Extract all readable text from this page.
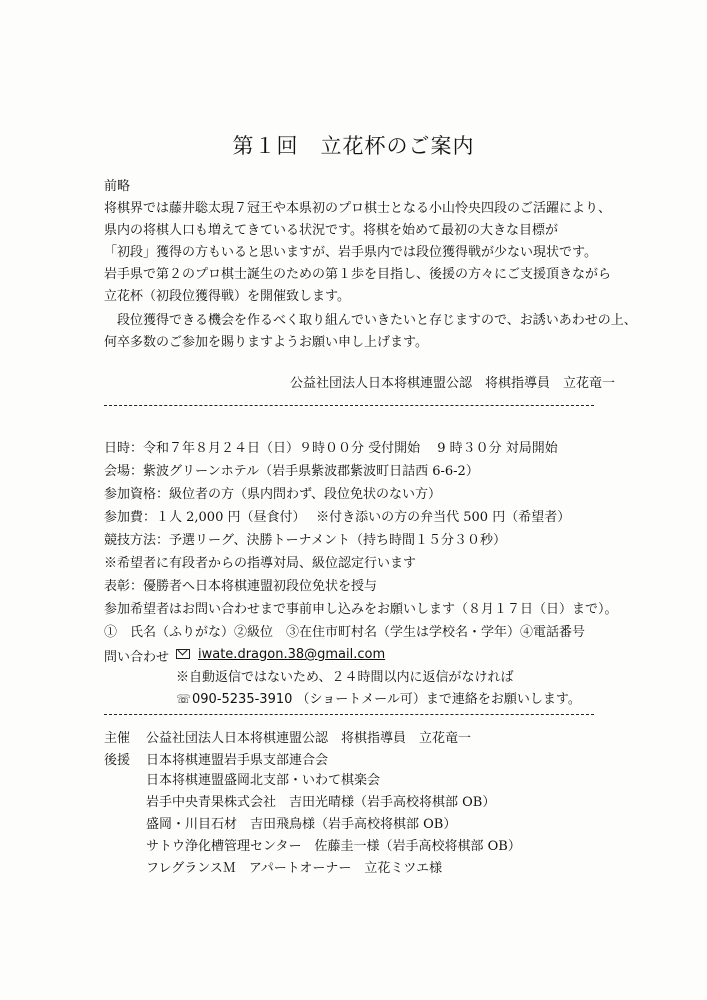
第１回　立花杯のご案内
前略
将棋界では藤井聡太現７冠王や本県初のプロ棋士となる小山怜央四段のご活躍により、
県内の将棋人口も増えてきている状況です。将棋を始めて最初の大きな目標が
「初段」獲得の方もいると思いますが、岩手県内では段位獲得戦が少ない現状です。
岩手県で第２のプロ棋士誕生のための第１歩を目指し、後援の方々にご支援頂きながら
立花杯（初段位獲得戦）を開催致します。
　段位獲得できる機会を作るべく取り組んでいきたいと存じますので、お誘いあわせの上、
何卒多数のご参加を賜りますようお願い申し上げます。
公益社団法人日本将棋連盟公認　将棋指導員　立花竜一
日時：令和７年８月２４日（日）９時００分 受付開始　 9 時３０分 対局開始
会場：紫波グリーンホテル（岩手県紫波郡紫波町日詰西 6-6-2）
参加資格：級位者の方（県内問わず、段位免状のない方）
参加費：１人 2,000 円（昼食付）　 ※付き添いの方の弁当代 500 円（希望者）
競技方法：予選リーグ、決勝トーナメント（持ち時間１５分３０秒）
※希望者に有段者からの指導対局、級位認定行います
表彰：優勝者へ日本将棋連盟初段位免状を授与
参加希望者はお問い合わせまで事前申し込みをお願いします（８月１７日（日）まで）。
①　氏名（ふりがな）②級位　③在住市町村名（学生は学校名・学年）④電話番号
問い合わせ	iwate.dragon.38@gmail.com
※自動返信ではないため、２４時間以内に返信がなければ
☏090-5235-3910 （ショートメール可）まで連絡をお願いします。
主催 公益社団法人日本将棋連盟公認　将棋指導員　立花竜一
後援 日本将棋連盟岩手県支部連合会
日本将棋連盟盛岡北支部・いわて棋楽会
岩手中央青果株式会社　吉田光晴様（岩手高校将棋部 OB）
盛岡・川目石材　吉田飛鳥様（岩手高校将棋部 OB）
サトウ浄化槽管理センター　佐藤圭一様（岩手高校将棋部 OB）
フレグランスＭ　アパートオーナー　立花ミツエ様
